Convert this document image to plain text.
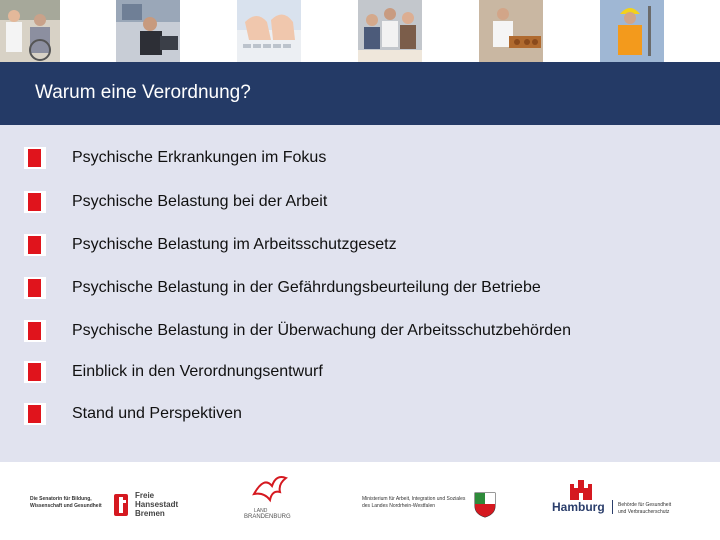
Warum eine Verordnung?
Psychische Erkrankungen im Fokus
Psychische Belastung bei der Arbeit
Psychische Belastung im Arbeitsschutzgesetz
Psychische Belastung in der Gefährdungsbeurteilung der Betriebe
Psychische Belastung in der Überwachung der Arbeitsschutzbehörden
Einblick in den Verordnungsentwurf
Stand und Perspektiven
Die Senatorin für Bildung,
Wissenschaft und Gesundheit
Freie
Hansestadt
Bremen	LAND
BRANDENBURG
Ministerium für Arbeit, Integration und Soziales
des Landes Nordrhein-Westfalen	Hamburg	Behörde für Gesundheit
und Verbraucherschutz
